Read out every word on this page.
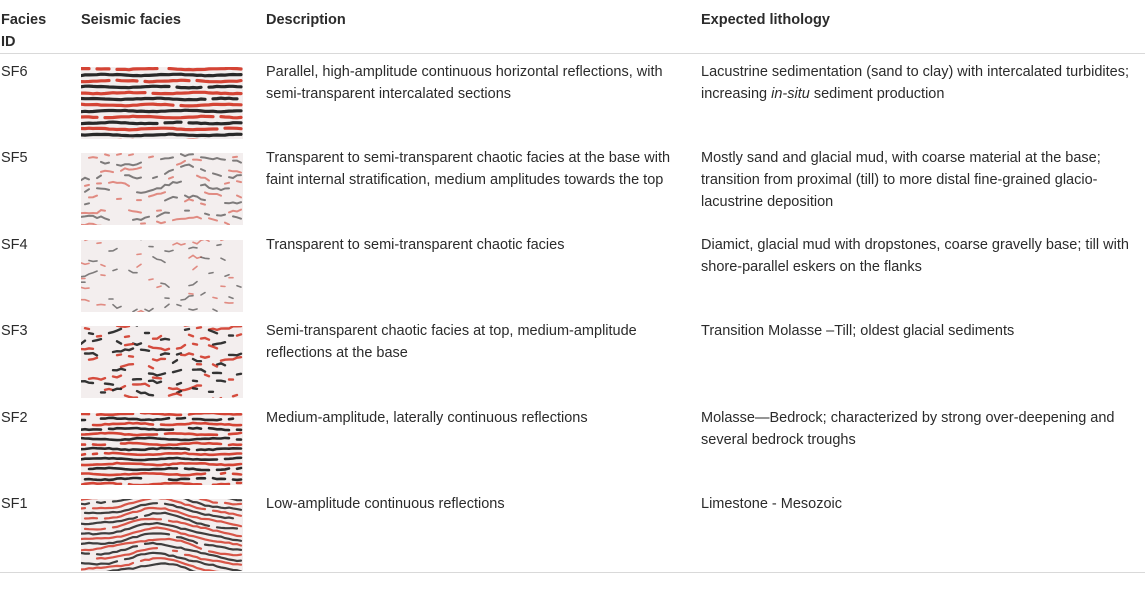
Facies ID	Seismic facies	Description	Expected lithology
SF6		Parallel, high-amplitude continuous horizontal reflections, with semi-transparent intercalated sections	Lacustrine sedimentation (sand to clay) with intercalated turbidites; increasing in-situ sediment production
SF5		Transparent to semi-transparent chaotic facies at the base with faint internal stratification, medium amplitudes towards the top	Mostly sand and glacial mud, with coarse material at the base; transition from proximal (till) to more distal fine-grained glacio-lacustrine deposition
SF4		Transparent to semi-transparent chaotic facies	Diamict, glacial mud with dropstones, coarse gravelly base; till with shore-parallel eskers on the flanks
SF3		Semi-transparent chaotic facies at top, medium-amplitude reflections at the base	Transition Molasse –Till; oldest glacial sediments
SF2		Medium-amplitude, laterally continuous reflections	Molasse—Bedrock; characterized by strong over-deepening and several bedrock troughs
SF1		Low-amplitude continuous reflections	Limestone - Mesozoic
